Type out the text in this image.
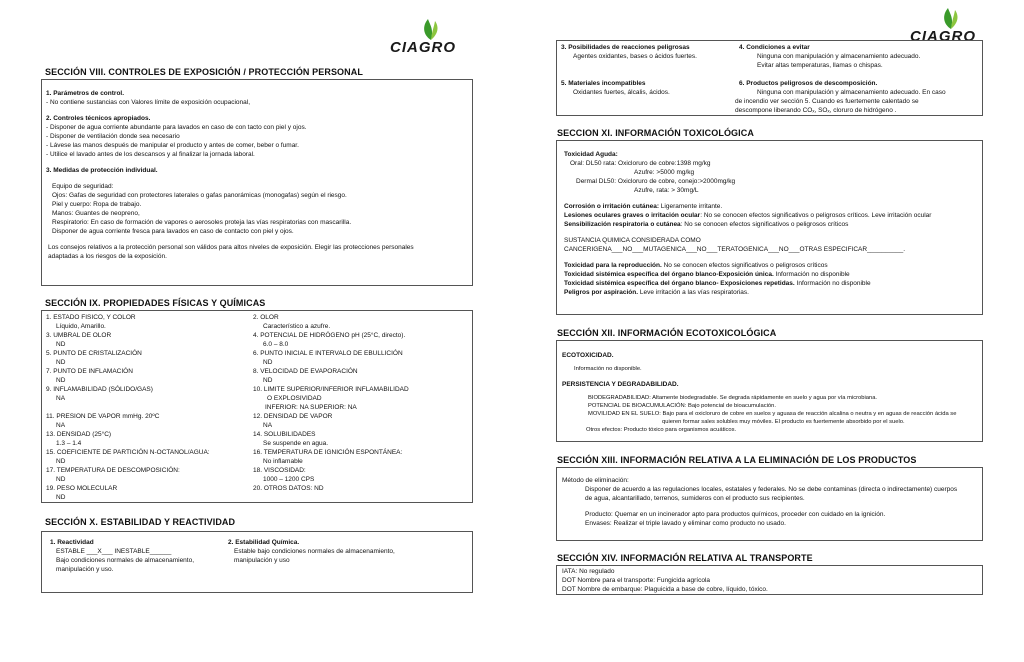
CIAGRO
SECCIÓN VIII. CONTROLES DE EXPOSICIÓN / PROTECCIÓN PERSONAL

1. Parámetros de control.

- No contiene sustancias con Valores límite de exposición ocupacional,

2. Controles técnicos apropiados.

- Disponer de agua corriente abundante para lavados en caso de con tacto con piel y ojos.

- Disponer de ventilación donde sea necesario

- Lávese las manos después de manipular el producto y antes de comer, beber o fumar.

- Utilice el lavado antes de los descansos y al finalizar la jornada laboral.

3. Medidas de protección individual.

Equipo de seguridad:

Ojos: Gafas de seguridad con protectores laterales o gafas panorámicas (monogafas) según el riesgo.

Piel y cuerpo: Ropa de trabajo.

Manos: Guantes de neopreno,

Respiratorio: En caso de formación de vapores o aerosoles proteja las vías respiratorias con mascarilla.

Disponer de agua corriente fresca para lavados en caso de contacto con piel y ojos.

Los consejos relativos a la protección personal son válidos para altos niveles de exposición. Elegir las protecciones personales

adaptadas a los riesgos de la exposición.

SECCIÓN IX. PROPIEDADES FÍSICAS Y QUÍMICAS

1. ESTADO FISICO, Y COLOR

Líquido, Amarillo.

3. UMBRAL DE OLOR

ND

5. PUNTO DE CRISTALIZACIÓN

ND

7. PUNTO DE INFLAMACIÓN

ND

9. INFLAMABILIDAD (SÓLIDO/GAS)

NA

11. PRESION DE VAPOR mmHg. 20ºC

NA

13. DENSIDAD (25°C)

1.3 – 1.4

15. COEFICIENTE DE PARTICIÓN N-OCTANOL/AGUA:

ND

17. TEMPERATURA DE DESCOMPOSICIÓN:

ND

19. PESO MOLECULAR

ND

2. OLOR

Característico a azufre.

4. POTENCIAL DE HIDRÓGENO pH (25°C, directo).

6.0 – 8.0

6. PUNTO INICIAL E INTERVALO DE EBULLICIÓN

ND

8. VELOCIDAD DE EVAPORACIÓN

ND

10. LIMITE SUPERIOR/INFERIOR INFLAMABILIDAD

O EXPLOSIVIDAD

INFERIOR: NA SUPERIOR: NA

12. DENSIDAD DE VAPOR

NA

14. SOLUBILIDADES

Se suspende en agua.

16. TEMPERATURA DE IGNICIÓN ESPONTÁNEA:

No inflamable

18. VISCOSIDAD:

1000 – 1200 CPS

20. OTROS DATOS: ND

SECCIÓN X. ESTABILIDAD Y REACTIVIDAD

1. Reactividad

ESTABLE ___X___ INESTABLE______

Bajo condiciones normales de almacenamiento,

manipulación y uso.

2. Estabilidad Química.

Estable bajo condiciones normales de almacenamiento,

manipulación y uso

CIAGRO

3. Posibilidades de reacciones peligrosas

Agentes oxidantes, bases o ácidos fuertes.

5. Materiales incompatibles

Oxidantes fuertes, álcalis, ácidos.

4. Condiciones a evitar

Ninguna con manipulación y almacenamiento adecuado.

Evitar altas temperaturas, llamas o chispas.

6. Productos peligrosos de descomposición.

Ninguna con manipulación y almacenamiento adecuado. En caso

de incendio ver sección 5. Cuando es fuertemente calentado se

descompone liberando COₓ, SOₓ, cloruro de hidrógeno .

SECCION XI. INFORMACIÓN TOXICOLÓGICA

Toxicidad Aguda:

Oral: DL50 rata: Oxicloruro de cobre:1398 mg/kg

Azufre: >5000 mg/kg

Dermal DL50: Oxicloruro de cobre, conejo:>2000mg/kg

Azufre, rata: > 30mg/L

Corrosión o irritación cutánea: Ligeramente irritante.

Lesiones oculares graves o irritación ocular: No se conocen efectos significativos o peligrosos críticos. Leve irritación ocular

Sensibilización respiratoria o cutánea: No se conocen efectos significativos o peligrosos críticos

SUSTANCIA QUIMICA CONSIDERADA COMO

CANCERIGENA___NO___MUTAGENICA___NO___TERATOGENICA___NO___OTRAS ESPECIFICAR__________.

Toxicidad para la reproducción. No se conocen efectos significativos o peligrosos críticos

Toxicidad sistémica específica del órgano blanco-Exposición única. Información no disponible

Toxicidad sistémica específica del órgano blanco- Exposiciones repetidas. Información no disponible

Peligros por aspiración. Leve irritación a las vías respiratorias.

SECCIÓN XII. INFORMACIÓN ECOTOXICOLÓGICA

ECOTOXICIDAD.

Información no disponible.

PERSISTENCIA Y DEGRADABILIDAD.

BIODEGRADABILIDAD: Altamente biodegradable. Se degrada rápidamente en suelo y agua por vía microbiana.

POTENCIAL DE BIOACUMULACIÓN: Bajo potencial de bioacumulación.

MOVILIDAD EN EL SUELO: Bajo para el oxicloruro de cobre en suelos y aguasa de reacción alcalina o neutra y en aguas de reacción ácida se

quieren formar sales solubles muy móviles. El producto es fuertemente absorbido por el suelo.

Otros efectos: Producto tóxico para organismos acuáticos.

SECCIÓN XIII. INFORMACIÓN RELATIVA A LA ELIMINACIÓN DE LOS PRODUCTOS

Método de eliminación:

Disponer de acuerdo a las regulaciones locales, estatales y federales. No se debe contaminas (directa o indirectamente) cuerpos

de agua, alcantarillado, terrenos, sumideros con el producto sus recipientes.

Producto: Quemar en un incinerador apto para productos químicos, proceder con cuidado en la ignición.

Envases: Realizar el triple lavado y eliminar como producto no usado.

SECCIÓN XIV. INFORMACIÓN RELATIVA AL TRANSPORTE

IATA: No regulado

DOT Nombre para el transporte: Fungicida agrícola

DOT Nombre de embarque: Plaguicida a base de cobre, líquido, tóxico.
